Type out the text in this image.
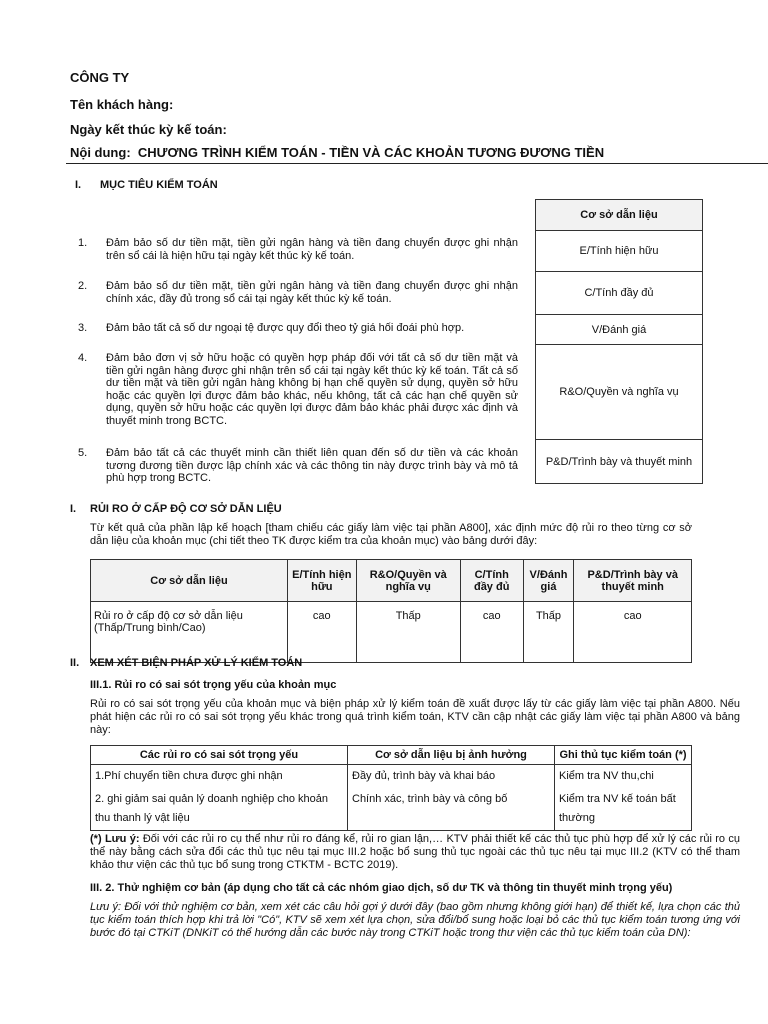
CÔNG TY
Tên khách hàng:
Ngày kết thúc kỳ kế toán:
Nội dung: CHƯƠNG TRÌNH KIỂM TOÁN - TIỀN VÀ CÁC KHOẢN TƯƠNG ĐƯƠNG TIỀN
I. MỤC TIÊU KIỂM TOÁN
1. Đảm bảo số dư tiền mặt, tiền gửi ngân hàng và tiền đang chuyển được ghi nhận trên sổ cái là hiện hữu tại ngày kết thúc kỳ kế toán.
2. Đảm bảo số dư tiền mặt, tiền gửi ngân hàng và tiền đang chuyển được ghi nhận chính xác, đầy đủ trong sổ cái tại ngày kết thúc kỳ kế toán.
3. Đảm bảo tất cả số dư ngoại tệ được quy đổi theo tỷ giá hối đoái phù hợp.
4. Đảm bảo đơn vị sở hữu hoặc có quyền hợp pháp đối với tất cả số dư tiền mặt và tiền gửi ngân hàng được ghi nhận trên sổ cái tại ngày kết thúc kỳ kế toán. Tất cả số dư tiền mặt và tiền gửi ngân hàng không bị hạn chế quyền sử dụng, quyền sở hữu hoặc các quyền lợi được đảm bảo khác, nếu không, tất cả các hạn chế quyền sử dụng, quyền sở hữu hoặc các quyền lợi được đảm bảo khác phải được xác định và thuyết minh trong BCTC.
5. Đảm bảo tất cả các thuyết minh cần thiết liên quan đến số dư tiền và các khoản tương đương tiền được lập chính xác và các thông tin này được trình bày và mô tả phù hợp trong BCTC.
Cơ sở dẫn liệu
E/Tính hiện hữu
C/Tính đầy đủ
V/Đánh giá
R&O/Quyền và nghĩa vụ
P&D/Trình bày và thuyết minh
I. RỦI RO Ở CẤP ĐỘ CƠ SỞ DẪN LIỆU
Từ kết quả của phần lập kế hoạch [tham chiếu các giấy làm việc tại phần A800], xác định mức độ rủi ro theo từng cơ sở dẫn liệu của khoản mục (chi tiết theo TK được kiểm tra của khoản mục) vào bảng dưới đây:
Cơ sở dẫn liệu	E/Tính hiện hữu	R&O/Quyền và nghĩa vụ	C/Tính đầy đủ	V/Đánh giá	P&D/Trình bày và thuyết minh
Rủi ro ở cấp độ cơ sở dẫn liệu (Thấp/Trung bình/Cao)	cao	Thấp	cao	Thấp	cao
II. XEM XÉT BIỆN PHÁP XỬ LÝ KIỂM TOÁN
III.1. Rủi ro có sai sót trọng yếu của khoản mục
Rủi ro có sai sót trọng yếu của khoản mục và biện pháp xử lý kiểm toán đề xuất được lấy từ các giấy làm việc tại phần A800. Nếu phát hiện các rủi ro có sai sót trọng yếu khác trong quá trình kiểm toán, KTV cần cập nhật các giấy làm việc tại phần A800 và bảng này:
Các rủi ro có sai sót trọng yếu	Cơ sở dẫn liệu bị ảnh hưởng	Ghi thủ tục kiểm toán (*)
1.Phí chuyển tiền chưa được ghi nhận	Đầy đủ, trình bày và khai báo	Kiểm tra NV thu,chi
2. ghi giảm sai quản lý doanh nghiệp cho khoản thu thanh lý vật liệu	Chính xác, trình bày và công bố	Kiểm tra NV kế toán bất thường
(*) Lưu ý: Đối với các rủi ro cụ thể như rủi ro đáng kể, rủi ro gian lận,… KTV phải thiết kế các thủ tục phù hợp để xử lý các rủi ro cụ thể này bằng cách sửa đổi các thủ tục nêu tại mục III.2 hoặc bổ sung thủ tục ngoài các thủ tục nêu tại mục III.2 (KTV có thể tham khảo thư viện các thủ tục bổ sung trong CTKTM - BCTC 2019).
III. 2. Thử nghiệm cơ bản (áp dụng cho tất cả các nhóm giao dịch, số dư TK và thông tin thuyết minh trọng yếu)
Lưu ý: Đối với thử nghiệm cơ bản, xem xét các câu hỏi gợi ý dưới đây (bao gồm nhưng không giới hạn) để thiết kế, lựa chọn các thủ tục kiểm toán thích hợp khi trả lời "Có", KTV sẽ xem xét lựa chọn, sửa đổi/bổ sung hoặc loại bỏ các thủ tục kiểm toán tương ứng với bước đó tại CTKiT (DNKiT có thể hướng dẫn các bước này trong CTKiT hoặc trong thư viện các thủ tục kiểm toán của DN):
